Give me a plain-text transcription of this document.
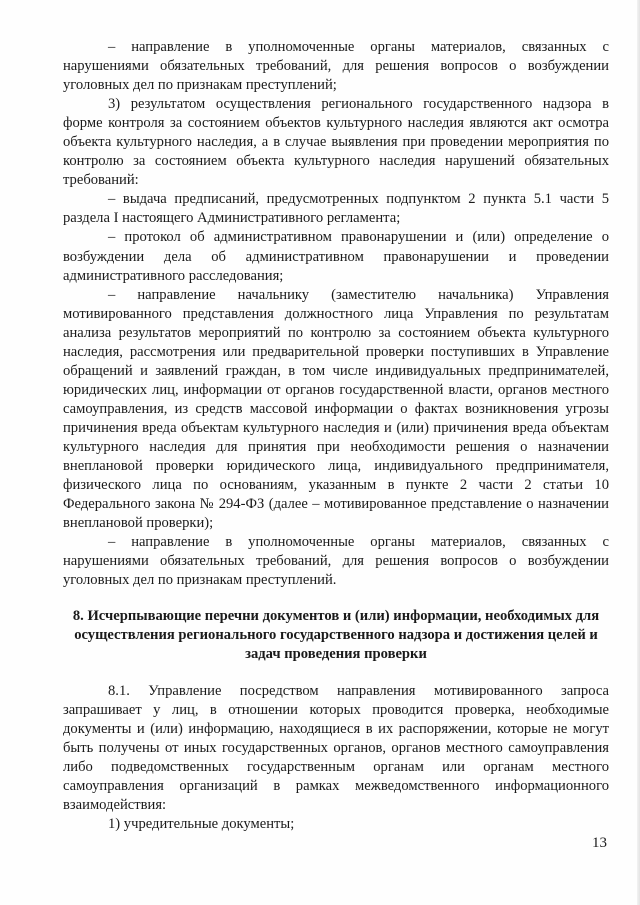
– направление в уполномоченные органы материалов, связанных с нарушениями обязательных требований, для решения вопросов о возбуждении уголовных дел по признакам преступлений;

3) результатом осуществления регионального государственного надзора в форме контроля за состоянием объектов культурного наследия являются акт осмотра объекта культурного наследия, а в случае выявления при проведении мероприятия по контролю за состоянием объекта культурного наследия нарушений обязательных требований:

– выдача предписаний, предусмотренных подпунктом 2 пункта 5.1 части 5 раздела I настоящего Административного регламента;

– протокол об административном правонарушении и (или) определение о возбуждении дела об административном правонарушении и проведении административного расследования;

– направление начальнику (заместителю начальника) Управления мотивированного представления должностного лица Управления по результатам анализа результатов мероприятий по контролю за состоянием объекта культурного наследия, рассмотрения или предварительной проверки поступивших в Управление обращений и заявлений граждан, в том числе индивидуальных предпринимателей, юридических лиц, информации от органов государственной власти, органов местного самоуправления, из средств массовой информации о фактах возникновения угрозы причинения вреда объектам культурного наследия и (или) причинения вреда объектам культурного наследия для принятия при необходимости решения о назначении внеплановой проверки юридического лица, индивидуального предпринимателя, физического лица по основаниям, указанным в пункте 2 части 2 статьи 10 Федерального закона № 294-ФЗ (далее – мотивированное представление о назначении внеплановой проверки);

– направление в уполномоченные органы материалов, связанных с нарушениями обязательных требований, для решения вопросов о возбуждении уголовных дел по признакам преступлений.

8. Исчерпывающие перечни документов и (или) информации, необходимых для осуществления регионального государственного надзора и достижения целей и задач проведения проверки

8.1. Управление посредством направления мотивированного запроса запрашивает у лиц, в отношении которых проводится проверка, необходимые документы и (или) информацию, находящиеся в их распоряжении, которые не могут быть получены от иных государственных органов, органов местного самоуправления либо подведомственных государственным органам или органам местного самоуправления организаций в рамках межведомственного информационного взаимодействия:

1) учредительные документы;

13
